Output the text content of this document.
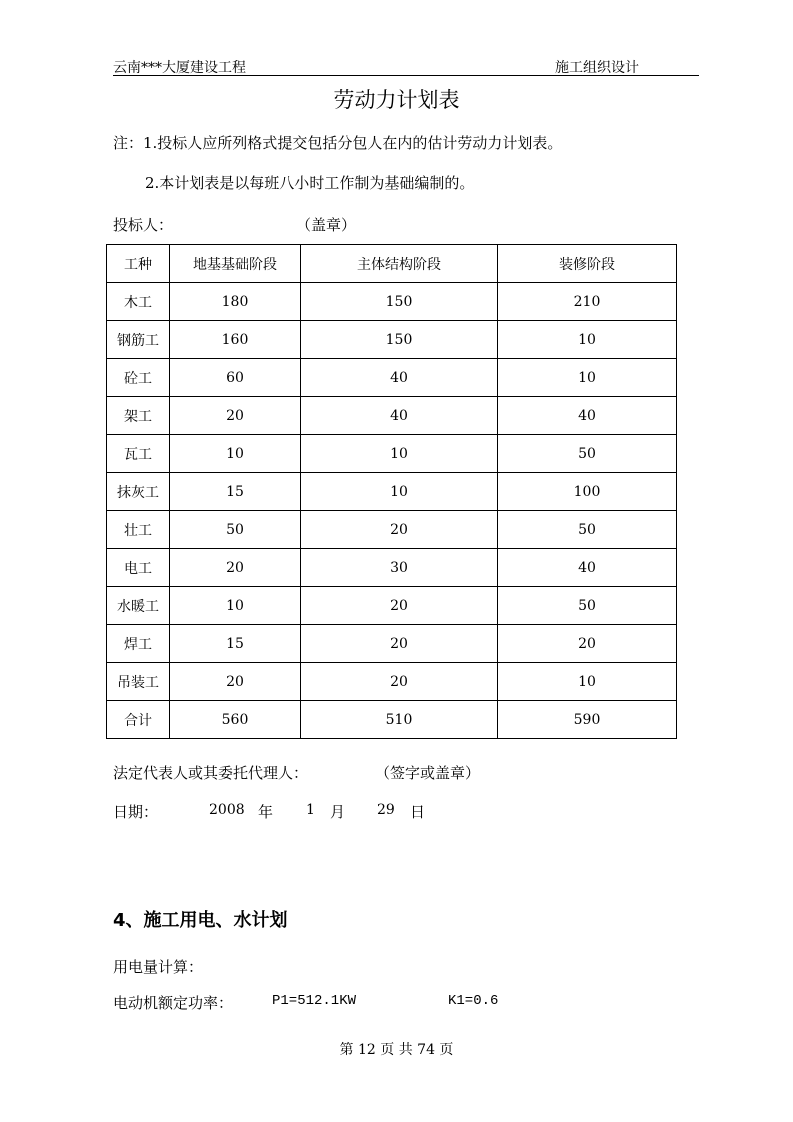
云南***大厦建设工程	施工组织设计
劳动力计划表
注：1.投标人应所列格式提交包括分包人在内的估计劳动力计划表。
2.本计划表是以每班八小时工作制为基础编制的。
投标人：	（盖章）
工种	地基基础阶段	主体结构阶段	装修阶段
木工	180	150	210
钢筋工	160	150	10
砼工	60	40	10
架工	20	40	40
瓦工	10	10	50
抹灰工	15	10	100
壮工	50	20	50
电工	20	30	40
水暖工	10	20	50
焊工	15	20	20
吊装工	20	20	10
合计	560	510	590
法定代表人或其委托代理人：	（签字或盖章）
日期：	2008 年 1 月 29 日
4、施工用电、水计划
用电量计算：
电动机额定功率：	P1=512.1KW	K1=0.6
第 12 页 共 74 页
